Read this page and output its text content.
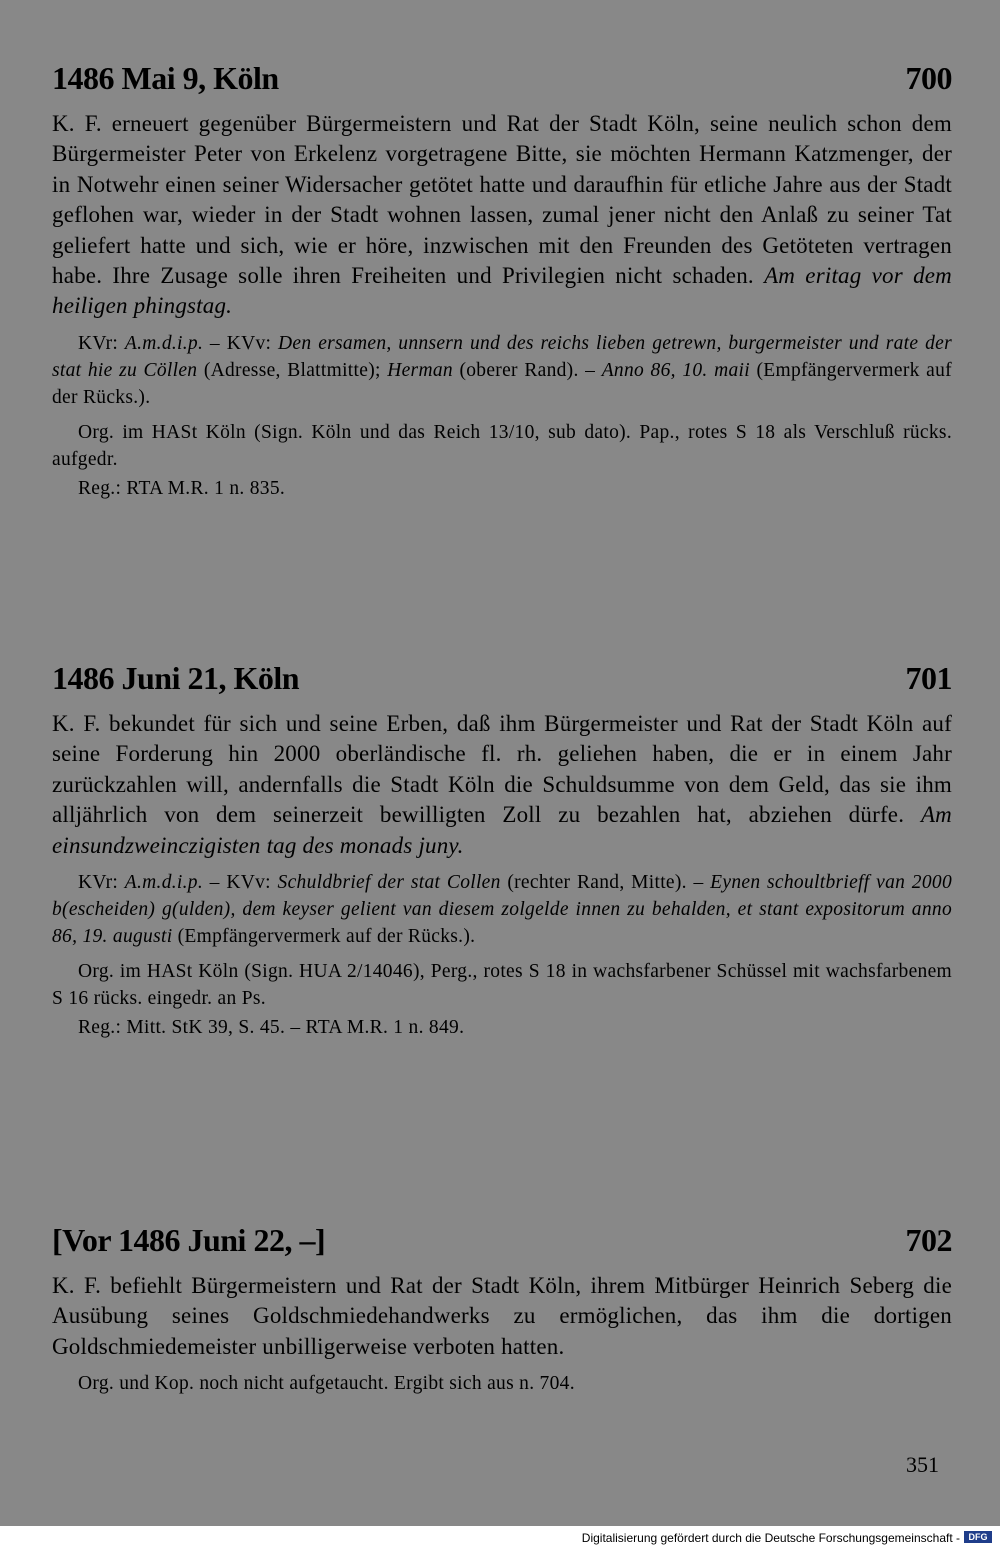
1486 Mai 9, Köln	700
K. F. erneuert gegenüber Bürgermeistern und Rat der Stadt Köln, seine neulich schon dem Bürgermeister Peter von Erkelenz vorgetragene Bitte, sie möchten Hermann Katzmenger, der in Notwehr einen seiner Widersacher getötet hatte und daraufhin für etliche Jahre aus der Stadt geflohen war, wieder in der Stadt wohnen lassen, zumal jener nicht den Anlaß zu seiner Tat geliefert hatte und sich, wie er höre, inzwischen mit den Freunden des Getöteten vertragen habe. Ihre Zusage solle ihren Freiheiten und Privilegien nicht schaden. Am eritag vor dem heiligen phingstag.
KVr: A.m.d.i.p. – KVv: Den ersamen, unnsern und des reichs lieben getrewn, burgermeister und rate der stat hie zu Cöllen (Adresse, Blattmitte); Herman (oberer Rand). – Anno 86, 10. maii (Empfängervermerk auf der Rücks.).
Org. im HASt Köln (Sign. Köln und das Reich 13/10, sub dato). Pap., rotes S 18 als Verschluß rücks. aufgedr.
Reg.: RTA M.R. 1 n. 835.
1486 Juni 21, Köln	701
K. F. bekundet für sich und seine Erben, daß ihm Bürgermeister und Rat der Stadt Köln auf seine Forderung hin 2000 oberländische fl. rh. geliehen haben, die er in einem Jahr zurückzahlen will, andernfalls die Stadt Köln die Schuldsumme von dem Geld, das sie ihm alljährlich von dem seinerzeit bewilligten Zoll zu bezahlen hat, abziehen dürfe. Am einsundzweinczigisten tag des monads juny.
KVr: A.m.d.i.p. – KVv: Schuldbrief der stat Collen (rechter Rand, Mitte). – Eynen schoultbrieff van 2000 b(escheiden) g(ulden), dem keyser gelient van diesem zolgelde innen zu behalden, et stant expositorum anno 86, 19. augusti (Empfängervermerk auf der Rücks.).
Org. im HASt Köln (Sign. HUA 2/14046), Perg., rotes S 18 in wachsfarbener Schüssel mit wachsfarbenem S 16 rücks. eingedr. an Ps.
Reg.: Mitt. StK 39, S. 45. – RTA M.R. 1 n. 849.
[Vor 1486 Juni 22, –]	702
K. F. befiehlt Bürgermeistern und Rat der Stadt Köln, ihrem Mitbürger Heinrich Seberg die Ausübung seines Goldschmiedehandwerks zu ermöglichen, das ihm die dortigen Goldschmiedemeister unbilligerweise verboten hatten.
Org. und Kop. noch nicht aufgetaucht. Ergibt sich aus n. 704.
351
Digitalisierung gefördert durch die Deutsche Forschungsgemeinschaft - DFG
